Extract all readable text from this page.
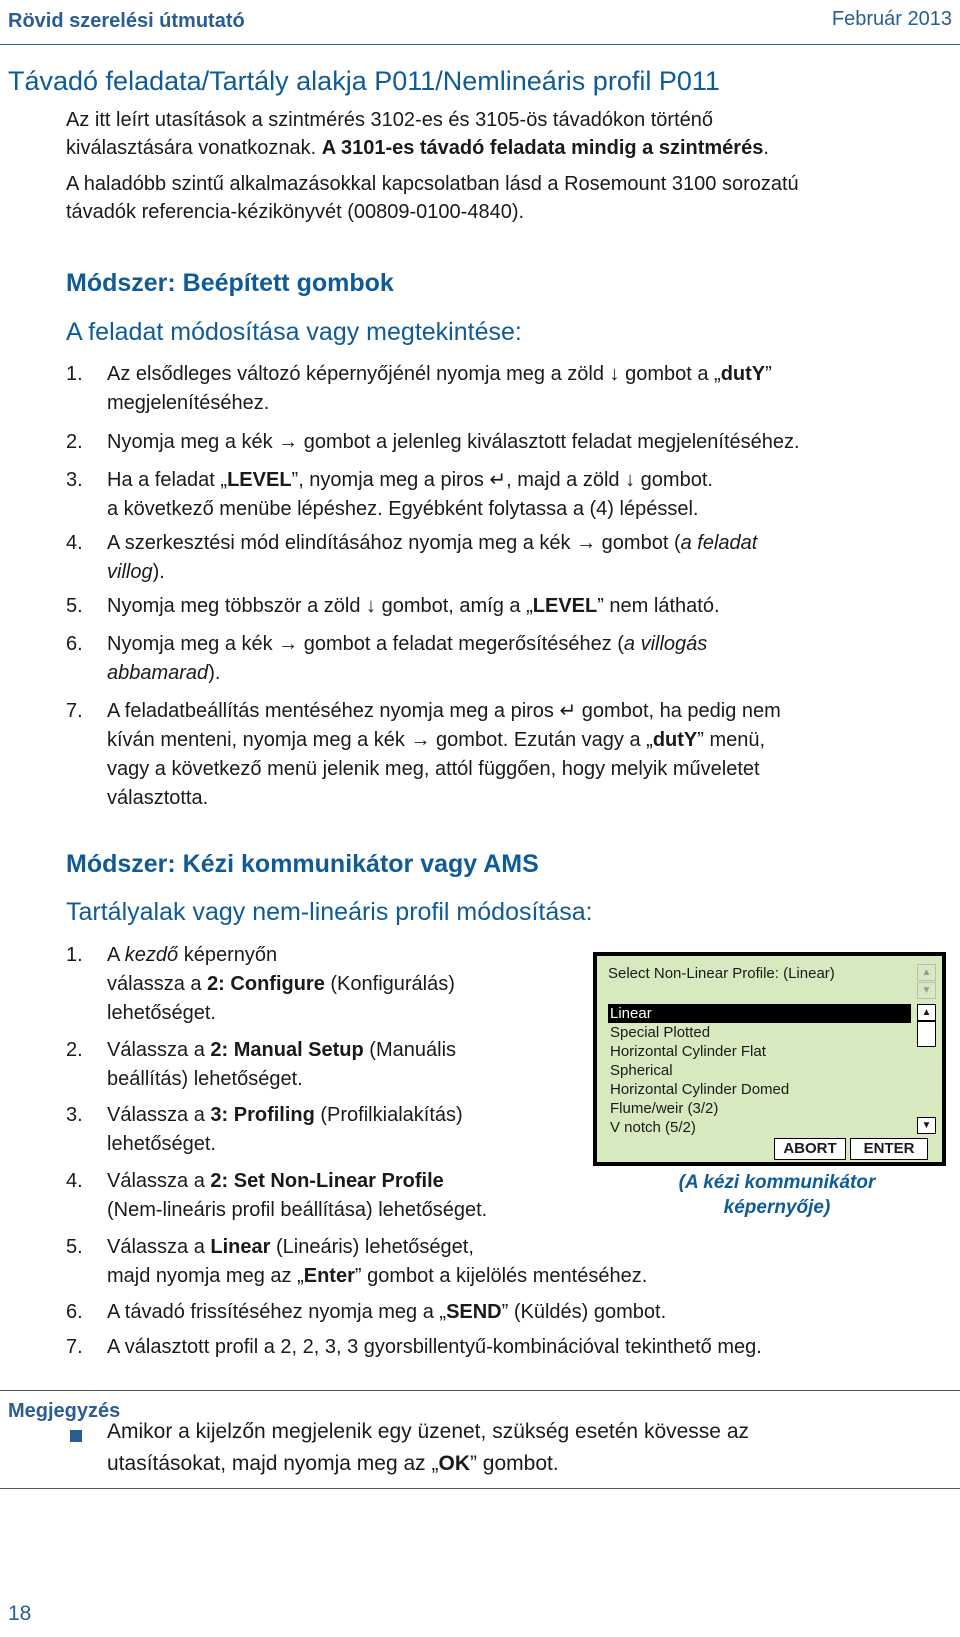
Rövid szerelési útmutató	Február 2013
Távadó feladata/Tartály alakja P011/Nemlineáris profil P011
Az itt leírt utasítások a szintmérés 3102-es és 3105-ös távadókon történő
kiválasztására vonatkoznak. A 3101-es távadó feladata mindig a szintmérés.
A haladóbb szintű alkalmazásokkal kapcsolatban lásd a Rosemount 3100 sorozatú
távadók referencia-kézikönyvét (00809-0100-4840).
Módszer: Beépített gombok
A feladat módosítása vagy megtekintése:
1. Az elsődleges változó képernyőjénél nyomja meg a zöld ↓ gombot a „dutY”
megjelenítéséhez.
2. Nyomja meg a kék → gombot a jelenleg kiválasztott feladat megjelenítéséhez.
3. Ha a feladat „LEVEL”, nyomja meg a piros ↵, majd a zöld ↓ gombot.
a következő menübe lépéshez. Egyébként folytassa a (4) lépéssel.
4. A szerkesztési mód elindításához nyomja meg a kék → gombot (a feladat
villog).
5. Nyomja meg többször a zöld ↓ gombot, amíg a „LEVEL” nem látható.
6. Nyomja meg a kék → gombot a feladat megerősítéséhez (a villogás
abbamarad).
7. A feladatbeállítás mentéséhez nyomja meg a piros ↵ gombot, ha pedig nem
kíván menteni, nyomja meg a kék → gombot. Ezután vagy a „dutY” menü,
vagy a következő menü jelenik meg, attól függően, hogy melyik műveletet
választotta.
Módszer: Kézi kommunikátor vagy AMS
Tartályalak vagy nem-lineáris profil módosítása:
1. A kezdő képernyőn
válassza a 2: Configure (Konfigurálás)
lehetőséget.
2. Válassza a 2: Manual Setup (Manuális
beállítás) lehetőséget.
3. Válassza a 3: Profiling (Profilkialakítás)
lehetőséget.
4. Válassza a 2: Set Non-Linear Profile
(Nem-lineáris profil beállítása) lehetőséget.
5. Válassza a Linear (Lineáris) lehetőséget,
majd nyomja meg az „Enter” gombot a kijelölés mentéséhez.
6. A távadó frissítéséhez nyomja meg a „SEND” (Küldés) gombot.
7. A választott profil a 2, 2, 3, 3 gyorsbillentyű-kombinációval tekinthető meg.
Select Non-Linear Profile: (Linear)	▲
▼
Linear
Special Plotted
Horizontal Cylinder Flat
Spherical
Horizontal Cylinder Domed
Flume/weir (3/2)
V notch (5/2)
▲
▼
ABORT	ENTER
(A kézi kommunikátor
képernyője)
Megjegyzés
Amikor a kijelzőn megjelenik egy üzenet, szükség esetén kövesse az
utasításokat, majd nyomja meg az „OK” gombot.
18
